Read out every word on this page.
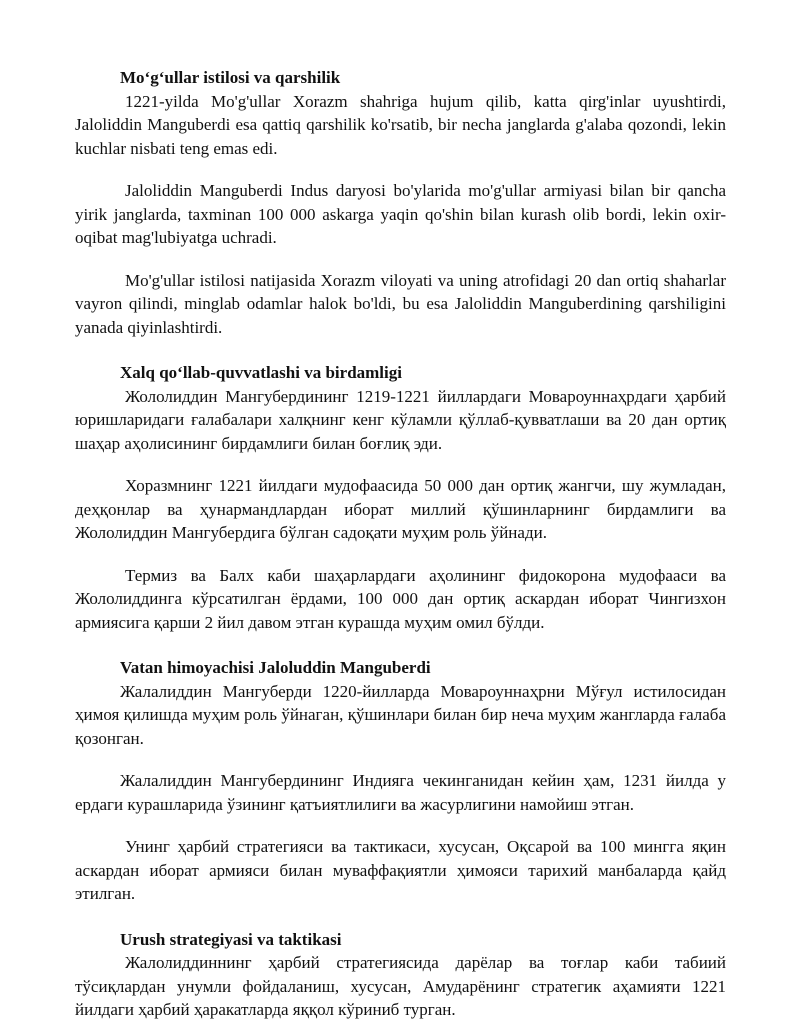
Mo‘g‘ullar istilosi va qarshilik

1221-yilda Mo'g'ullar Xorazm shahriga hujum qilib, katta qirg'inlar uyushtirdi, Jaloliddin Manguberdi esa qattiq qarshilik ko'rsatib, bir necha janglarda g'alaba qozondi, lekin kuchlar nisbati teng emas edi.

Jaloliddin Manguberdi Indus daryosi bo'ylarida mo'g'ullar armiyasi bilan bir qancha yirik janglarda, taxminan 100 000 askarga yaqin qo'shin bilan kurash olib bordi, lekin oxir-oqibat mag'lubiyatga uchradi.

Mo'g'ullar istilosi natijasida Xorazm viloyati va uning atrofidagi 20 dan ortiq shaharlar vayron qilindi, minglab odamlar halok bo'ldi, bu esa Jaloliddin Manguberdining qarshiligini yanada qiyinlashtirdi.

Xalq qo‘llab-quvvatlashi va birdamligi

Жололиддин Мангубердининг 1219-1221 йиллардаги Мовароуннаҳрдаги ҳарбий юришларидаги ғалабалари халқнинг кенг кўламли қўллаб-қувватлаши ва 20 дан ортиқ шаҳар аҳолисининг бирдамлиги билан боғлиқ эди.

Хоразмнинг 1221 йилдаги мудофаасида 50 000 дан ортиқ жангчи, шу жумладан, деҳқонлар ва ҳунармандлардан иборат миллий қўшинларнинг бирдамлиги ва Жололиддин Мангубердига бўлган садоқати муҳим роль ўйнади.

Термиз ва Балх каби шаҳарлардаги аҳолининг фидокорона мудофааси ва Жололиддинга кўрсатилган ёрдами, 100 000 дан ортиқ аскардан иборат Чингизхон армиясига қарши 2 йил давом этган курашда муҳим омил бўлди.

Vatan himoyachisi Jaloluddin Manguberdi

Жалалиддин Мангуберди 1220-йилларда Мовароуннаҳрни Мўғул истилосидан ҳимоя қилишда муҳим роль ўйнаган, қўшинлари билан бир неча муҳим жангларда ғалаба қозонган.

Жалалиддин Мангубердининг Индияга чекинганидан кейин ҳам, 1231 йилда у ердаги курашларида ўзининг қатъиятлилиги ва жасурлигини намойиш этган.

Унинг ҳарбий стратегияси ва тактикаси, хусусан, Оқсарой ва 100 мингга яқин аскардан иборат армияси билан муваффақиятли ҳимояси тарихий манбаларда қайд этилган.

Urush strategiyasi va taktikasi

Жалолиддиннинг ҳарбий стратегиясида дарёлар ва тоғлар каби табиий тўсиқлардан унумли фойдаланиш, хусусан, Амударёнинг стратегик аҳамияти 1221 йилдаги ҳарбий ҳаракатларда яққол кўриниб турган.
